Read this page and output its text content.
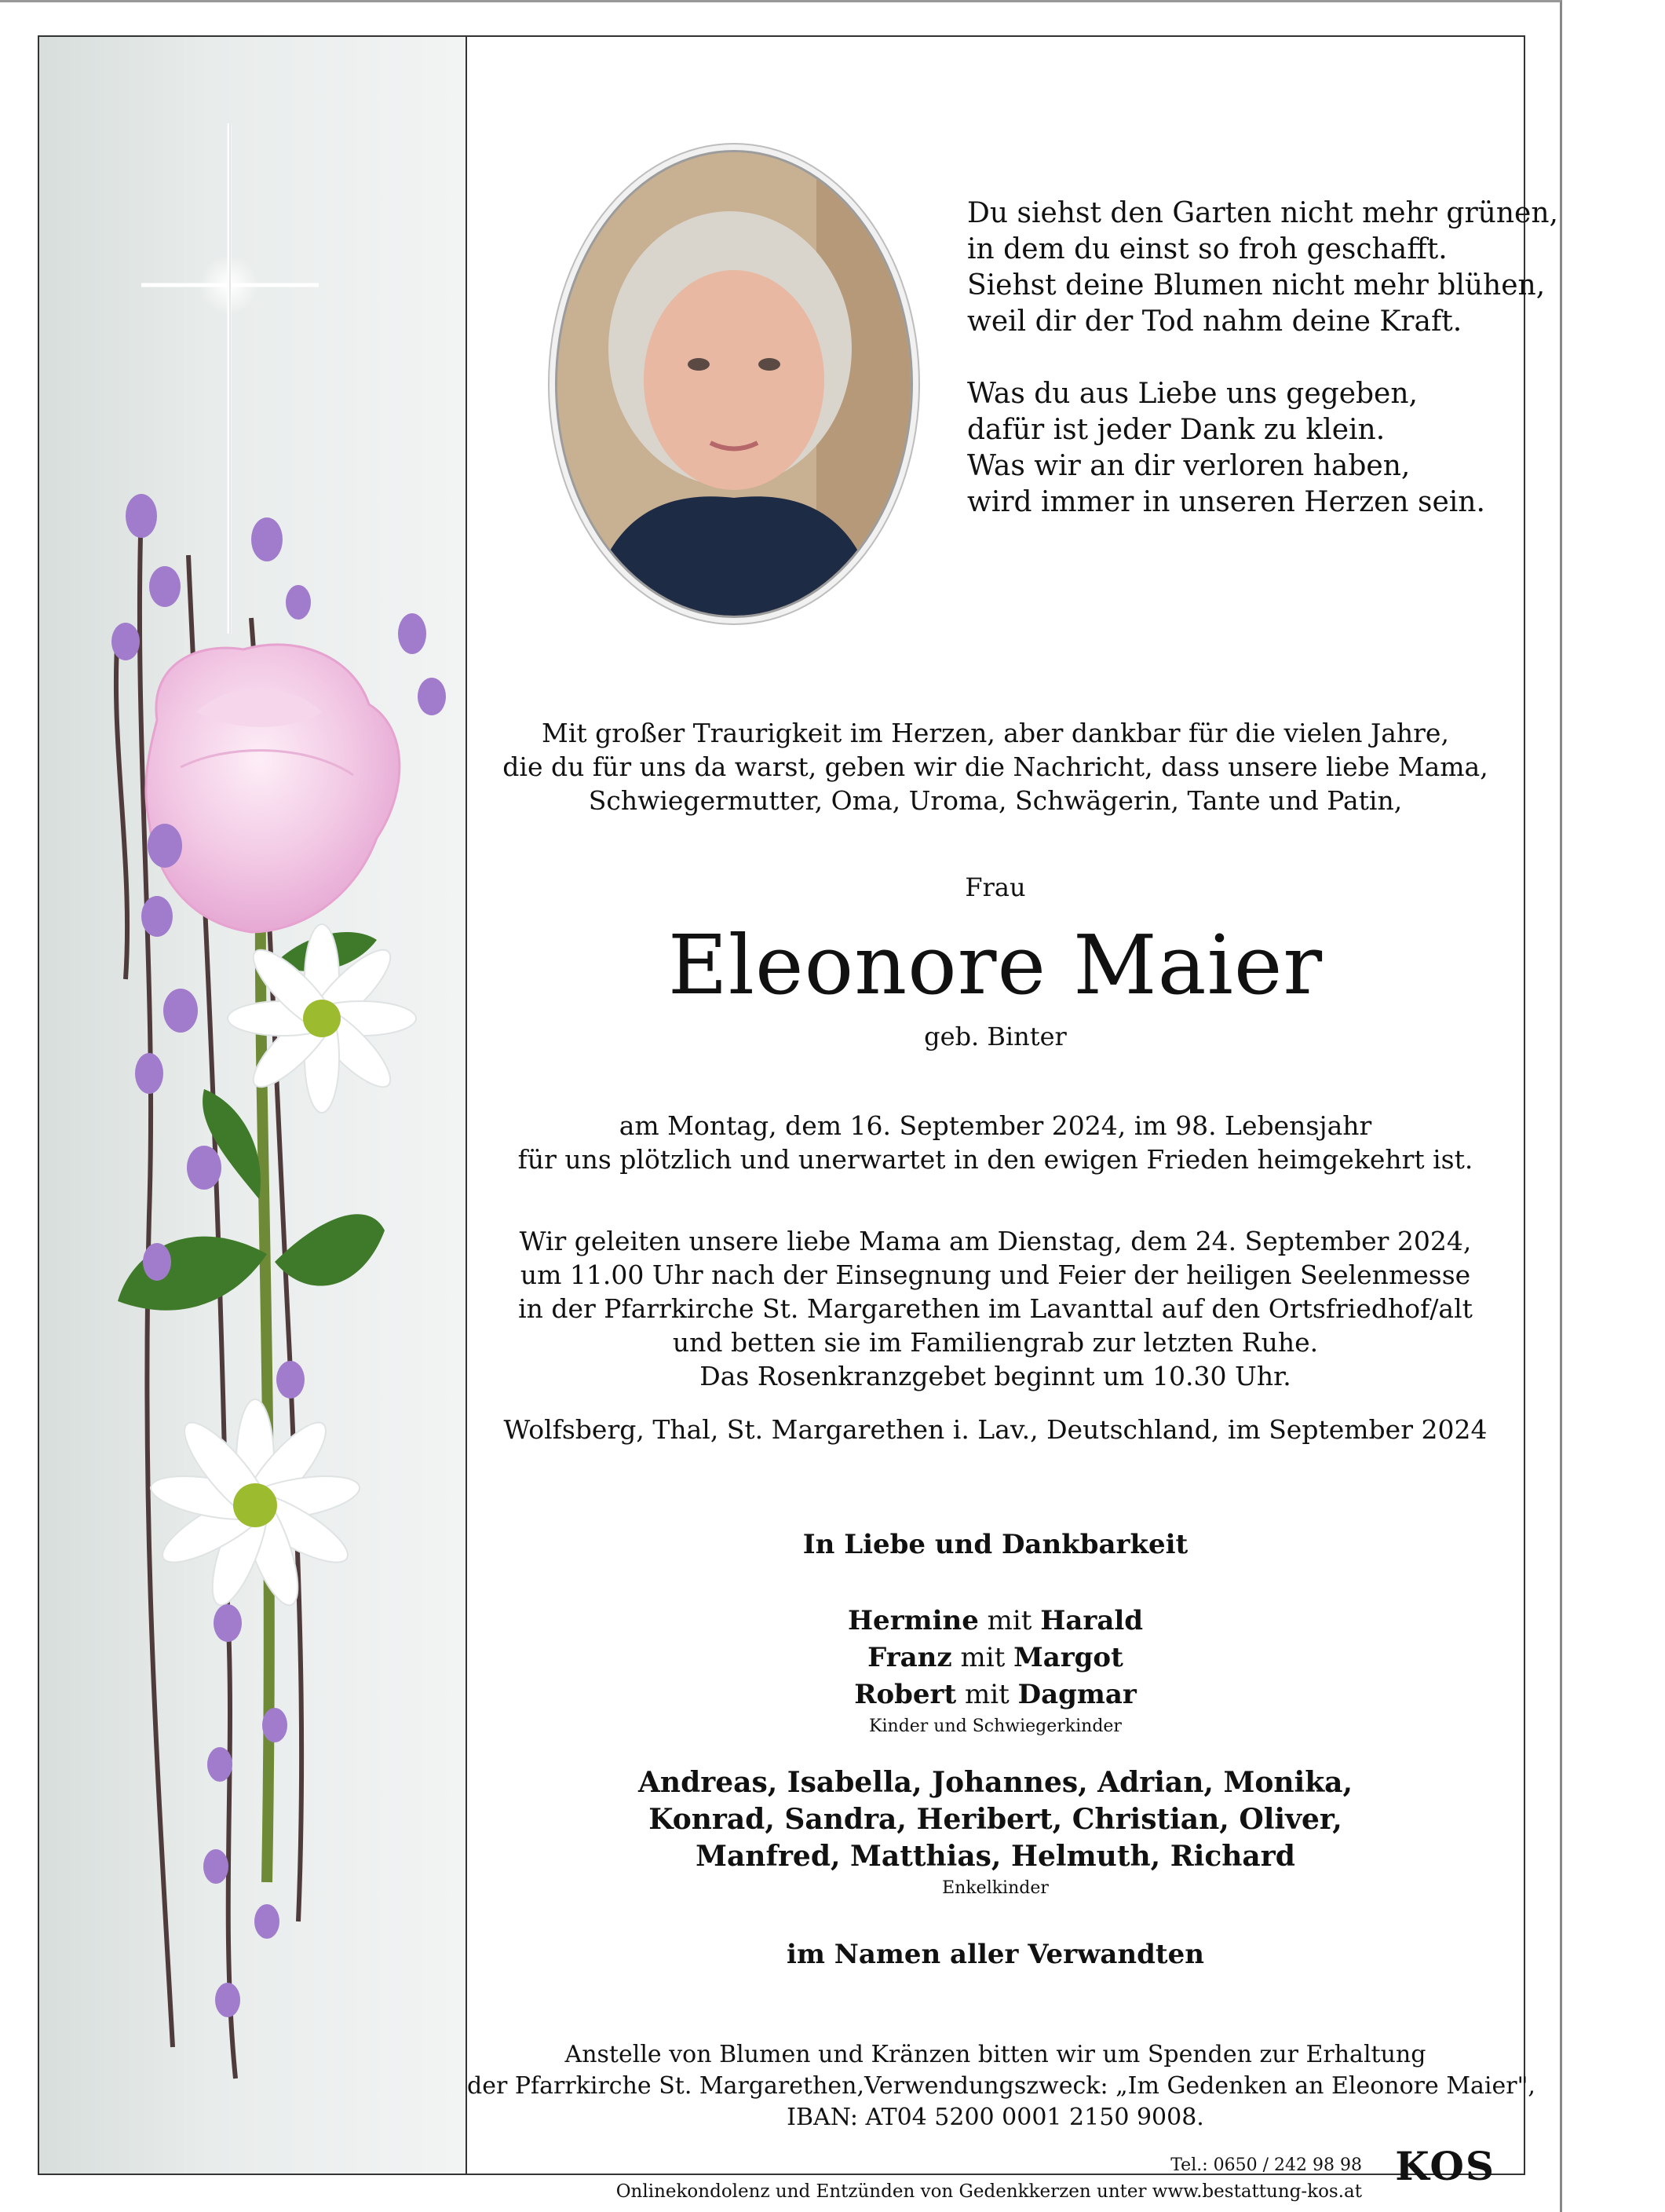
Du siehst den Garten nicht mehr grünen,
in dem du einst so froh geschafft.
Siehst deine Blumen nicht mehr blühen,
weil dir der Tod nahm deine Kraft.
Was du aus Liebe uns gegeben,
dafür ist jeder Dank zu klein.
Was wir an dir verloren haben,
wird immer in unseren Herzen sein.
Mit großer Traurigkeit im Herzen, aber dankbar für die vielen Jahre,
die du für uns da warst, geben wir die Nachricht, dass unsere liebe Mama,
Schwiegermutter, Oma, Uroma, Schwägerin, Tante und Patin,
Frau
Eleonore Maier
geb. Binter
am Montag, dem 16. September 2024, im 98. Lebensjahr
für uns plötzlich und unerwartet in den ewigen Frieden heimgekehrt ist.
Wir geleiten unsere liebe Mama am Dienstag, dem 24. September 2024,
um 11.00 Uhr nach der Einsegnung und Feier der heiligen Seelenmesse
in der Pfarrkirche St. Margarethen im Lavanttal auf den Ortsfriedhof/alt
und betten sie im Familiengrab zur letzten Ruhe.
Das Rosenkranzgebet beginnt um 10.30 Uhr.
Wolfsberg, Thal, St. Margarethen i. Lav., Deutschland, im September 2024
In Liebe und Dankbarkeit
Hermine mit Harald
Franz mit Margot
Robert mit Dagmar
Kinder und Schwiegerkinder
Andreas, Isabella, Johannes, Adrian, Monika,
Konrad, Sandra, Heribert, Christian, Oliver,
Manfred, Matthias, Helmuth, Richard
Enkelkinder
im Namen aller Verwandten
Anstelle von Blumen und Kränzen bitten wir um Spenden zur Erhaltung
der Pfarrkirche St. Margarethen,Verwendungszweck: „Im Gedenken an Eleonore Maier",
IBAN: AT04 5200 0001 2150 9008.
Tel.: 0650 / 242 98 98
Onlinekondolenz und Entzünden von Gedenkkerzen unter www.bestattung-kos.at
KOS
